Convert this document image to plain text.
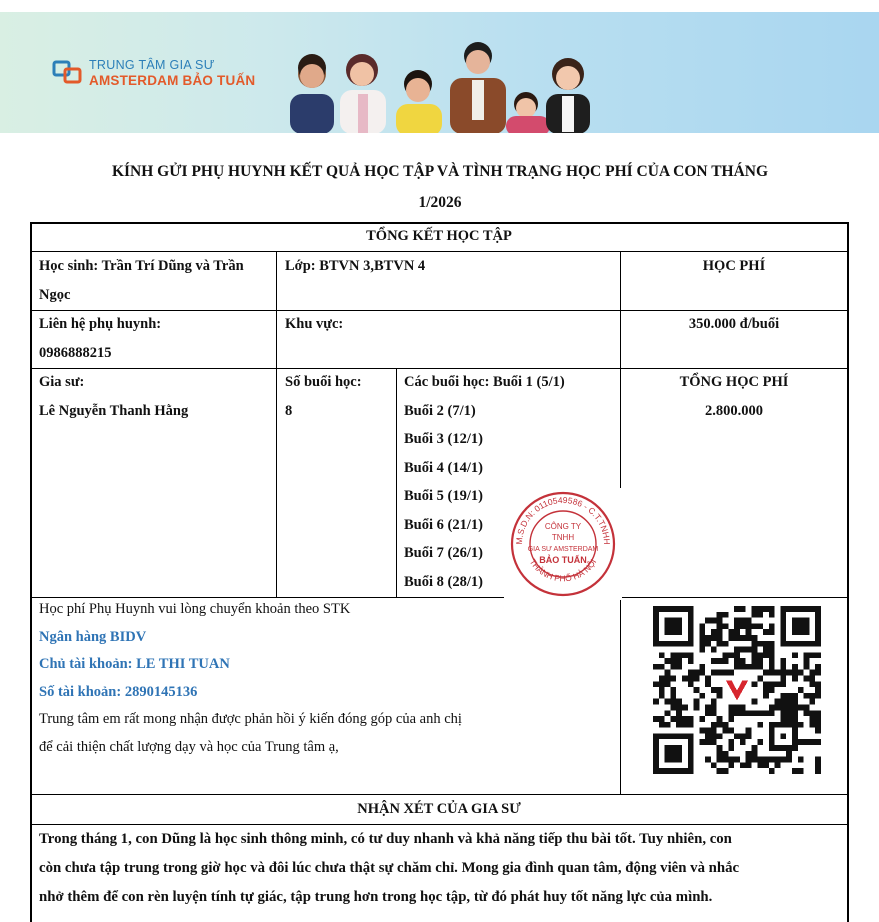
TRUNG TÂM GIA SƯ
AMSTERDAM BẢO TUẤN
KÍNH GỬI PHỤ HUYNH KẾT QUẢ HỌC TẬP VÀ TÌNH TRẠNG HỌC PHÍ CỦA CON THÁNG
1/2026
TỔNG KẾT HỌC TẬP
Học sinh: Trần Trí Dũng và Trần
Ngọc
Lớp: BTVN 3,BTVN 4	HỌC PHÍ
Liên hệ phụ huynh:
0986888215
Khu vực:	350.000 đ/buổi
Gia sư:
Lê Nguyễn Thanh Hằng
Số buổi học:
8
Các buổi học: Buổi 1 (5/1)
Buổi 2 (7/1)
Buổi 3 (12/1)
Buổi 4 (14/1)
Buổi 5 (19/1)
Buổi 6 (21/1)
Buổi 7 (26/1)
Buổi 8 (28/1)
TỔNG HỌC PHÍ
2.800.000
Học phí Phụ Huynh vui lòng chuyển khoản theo STK
Ngân hàng BIDV
Chủ tài khoản: LE THI TUAN
Số tài khoản: 2890145136
Trung tâm em rất mong nhận được phản hồi ý kiến đóng góp của anh chị
để cải thiện chất lượng dạy và học của Trung tâm ạ,
NHẬN XÉT CỦA GIA SƯ
Trong tháng 1, con Dũng là học sinh thông minh, có tư duy nhanh và khả năng tiếp thu bài tốt. Tuy nhiên, con
còn chưa tập trung trong giờ học và đôi lúc chưa thật sự chăm chỉ. Mong gia đình quan tâm, động viên và nhắc
nhở thêm để con rèn luyện tính tự giác, tập trung hơn trong học tập, từ đó phát huy tốt năng lực của mình.
M.S.D.N: 0110549586 - C.T.TNHH
THÀNH PHỐ HÀ NỘI
CÔNG TY
TNHH
GIA SƯ AMSTERDAM
BẢO TUẤN
